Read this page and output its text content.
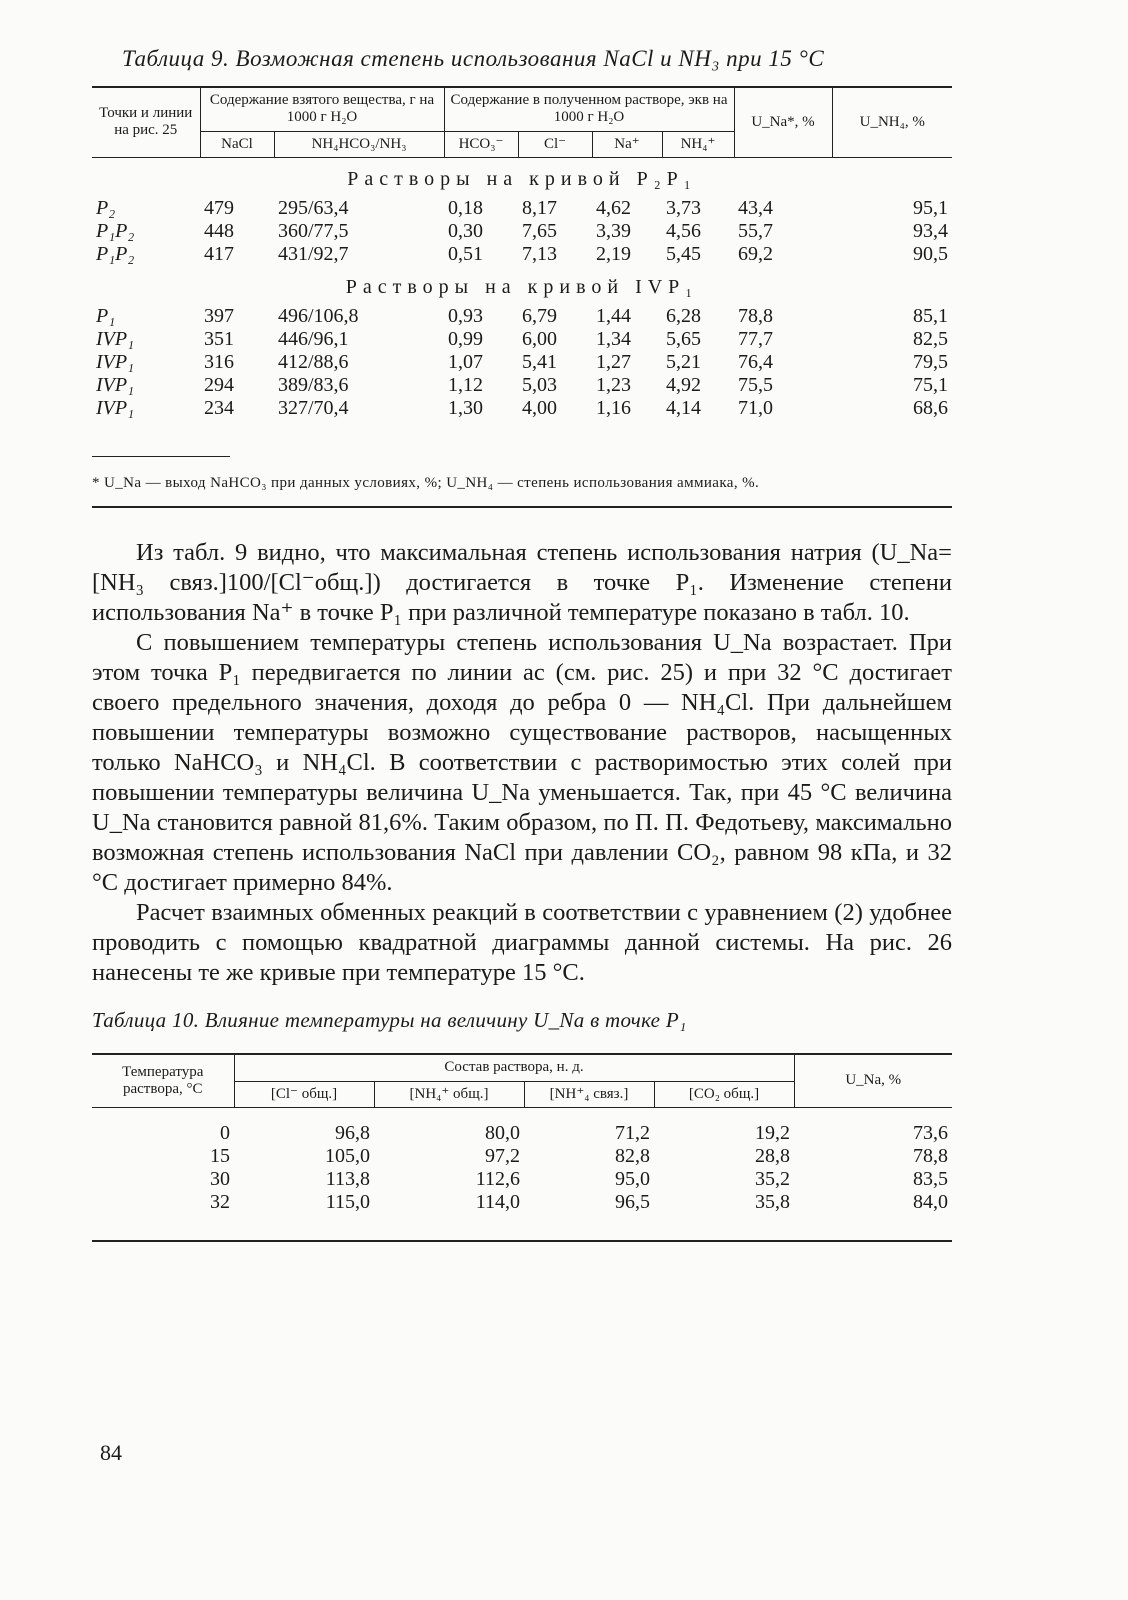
Таблица 9. Возможная степень использования NaCl и NH₃ при 15 °С
Точки и линии на рис. 25	Содержание взятого вещества, г на 1000 г H₂O		Содержание в полученном растворе, экв на 1000 г H₂O				U_Na*, %	U_NH₄, %
	NaCl	NH₄HCO₃/NH₃	HCO₃⁻	Cl⁻	Na⁺	NH₄⁺		

Растворы на кривой P₂P₁								
P₂	479	295/63,4	0,18	8,17	4,62	3,73	43,4	95,1
P₁P₂	448	360/77,5	0,30	7,65	3,39	4,56	55,7	93,4
P₁P₂	417	431/92,7	0,51	7,13	2,19	5,45	69,2	90,5
Растворы на кривой IVP₁								
P₁	397	496/106,8	0,93	6,79	1,44	6,28	78,8	85,1
IVP₁	351	446/96,1	0,99	6,00	1,34	5,65	77,7	82,5
IVP₁	316	412/88,6	1,07	5,41	1,27	5,21	76,4	79,5
IVP₁	294	389/83,6	1,12	5,03	1,23	4,92	75,5	75,1
IVP₁	234	327/70,4	1,30	4,00	1,16	4,14	71,0	68,6

* U_Na — выход NaHCO₃ при данных условиях, %; U_NH₄ — степень использования аммиака, %.

Из табл. 9 видно, что максимальная степень использования натрия (U_Na=[NH₃ связ.]100/[Cl⁻общ.]) достигается в точке P₁. Изменение степени использования Na⁺ в точке P₁ при различной температуре показано в табл. 10.

С повышением температуры степень использования U_Na возрастает. При этом точка P₁ передвигается по линии ac (см. рис. 25) и при 32 °С достигает своего предельного значения, доходя до ребра 0 — NH₄Cl. При дальнейшем повышении температуры возможно существование растворов, насыщенных только NaHCO₃ и NH₄Cl. В соответствии с растворимостью этих солей при повышении температуры величина U_Na уменьшается. Так, при 45 °С величина U_Na становится равной 81,6%. Таким образом, по П. П. Федотьеву, максимально возможная степень использования NaCl при давлении CO₂, равном 98 кПа, и 32 °С достигает примерно 84%.

Расчет взаимных обменных реакций в соответствии с уравнением (2) удобнее проводить с помощью квадратной диаграммы данной системы. На рис. 26 нанесены те же кривые при температуре 15 °С.

Таблица 10. Влияние температуры на величину U_Na в точке P₁
Температура раствора, °С	Состав раствора, н. д.				U_Na, %
	[Cl⁻ общ.]	[NH₄⁺ общ.]	[NH⁺₄ связ.]	[CO₂ общ.]	

0	96,8	80,0	71,2	19,2	73,6
15	105,0	97,2	82,8	28,8	78,8
30	113,8	112,6	95,0	35,2	83,5
32	115,0	114,0	96,5	35,8	84,0

84
